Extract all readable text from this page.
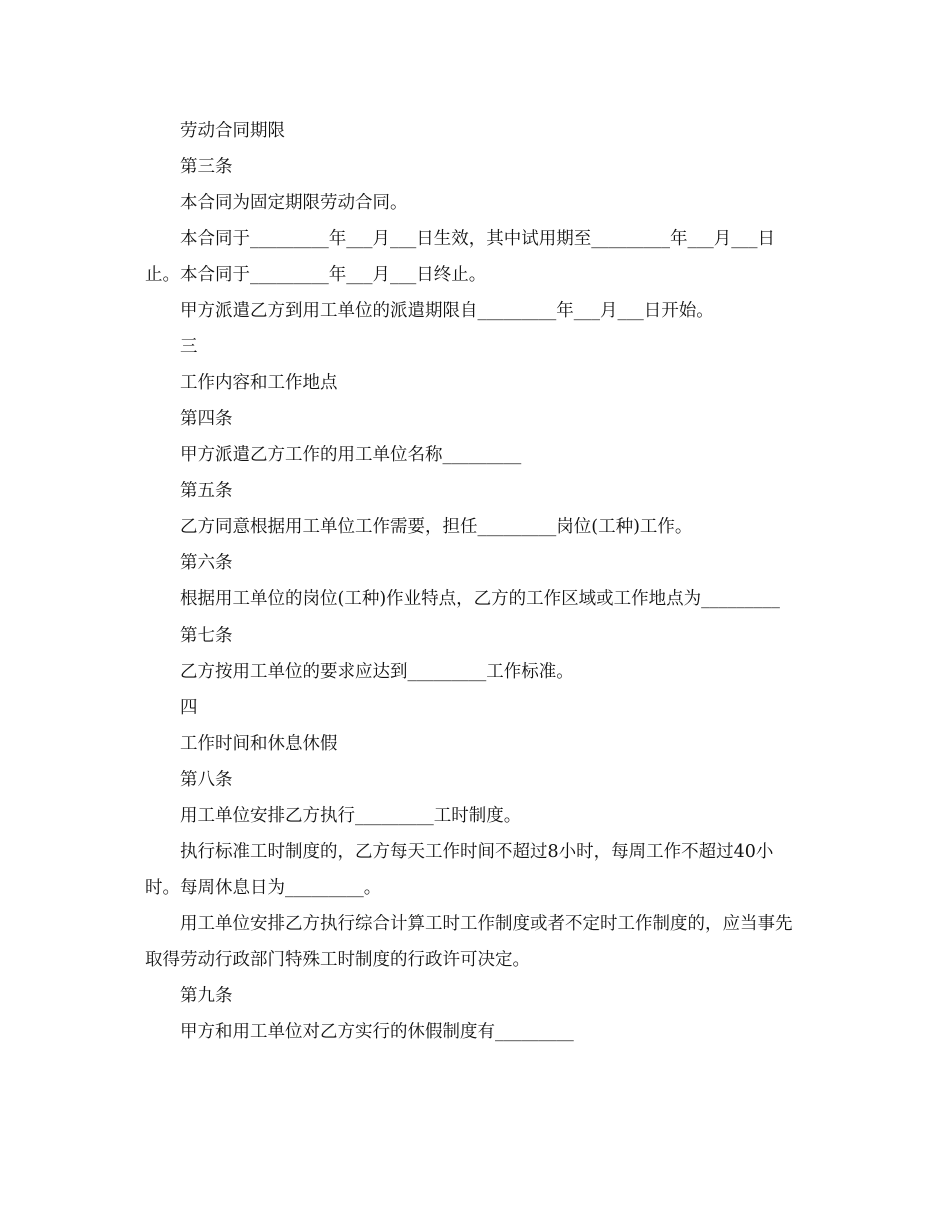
劳动合同期限

第三条

本合同为固定期限劳动合同。

本合同于_________年___月___日生效，其中试用期至_________年___月___日止。本合同于_________年___月___日终止。

甲方派遣乙方到用工单位的派遣期限自_________年___月___日开始。

三

工作内容和工作地点

第四条

甲方派遣乙方工作的用工单位名称_________

第五条

乙方同意根据用工单位工作需要，担任_________岗位(工种)工作。

第六条

根据用工单位的岗位(工种)作业特点，乙方的工作区域或工作地点为_________

第七条

乙方按用工单位的要求应达到_________工作标准。

四

工作时间和休息休假

第八条

用工单位安排乙方执行_________工时制度。

执行标准工时制度的，乙方每天工作时间不超过8小时，每周工作不超过40小时。每周休息日为_________。

用工单位安排乙方执行综合计算工时工作制度或者不定时工作制度的，应当事先取得劳动行政部门特殊工时制度的行政许可决定。

第九条

甲方和用工单位对乙方实行的休假制度有_________
